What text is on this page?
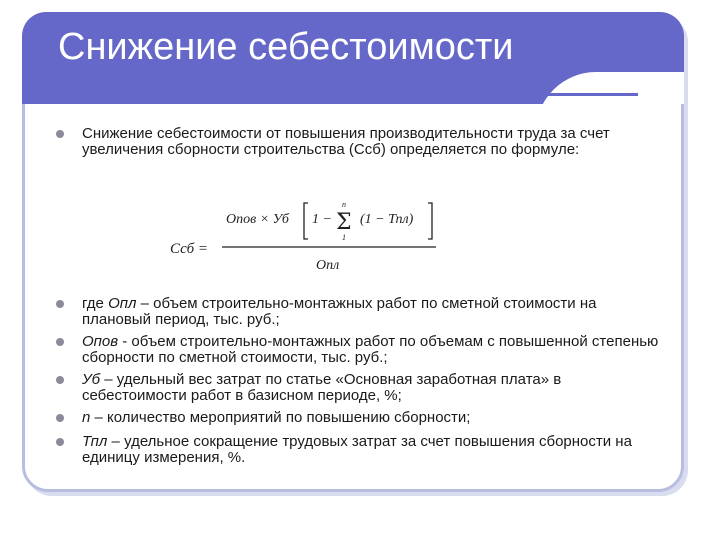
Снижение себестоимости
Снижение себестоимости от повышения производительности труда за счет увеличения сборности строительства (Ссб) определяется по формуле:
Ссб =
Опов × Уб 1 −
n
Σ
1
(1 − Тпл)
Опл
где Опл – объем строительно-монтажных работ по сметной стоимости на плановый период, тыс. руб.;
Опов - объем строительно-монтажных работ по объемам с повышенной степенью сборности по сметной стоимости, тыс. руб.;
Уб – удельный вес затрат по статье «Основная заработная плата» в себестоимости работ в базисном периоде, %;
n – количество мероприятий по повышению сборности;
Тпл – удельное сокращение трудовых затрат за счет повышения сборности на единицу измерения, %.
